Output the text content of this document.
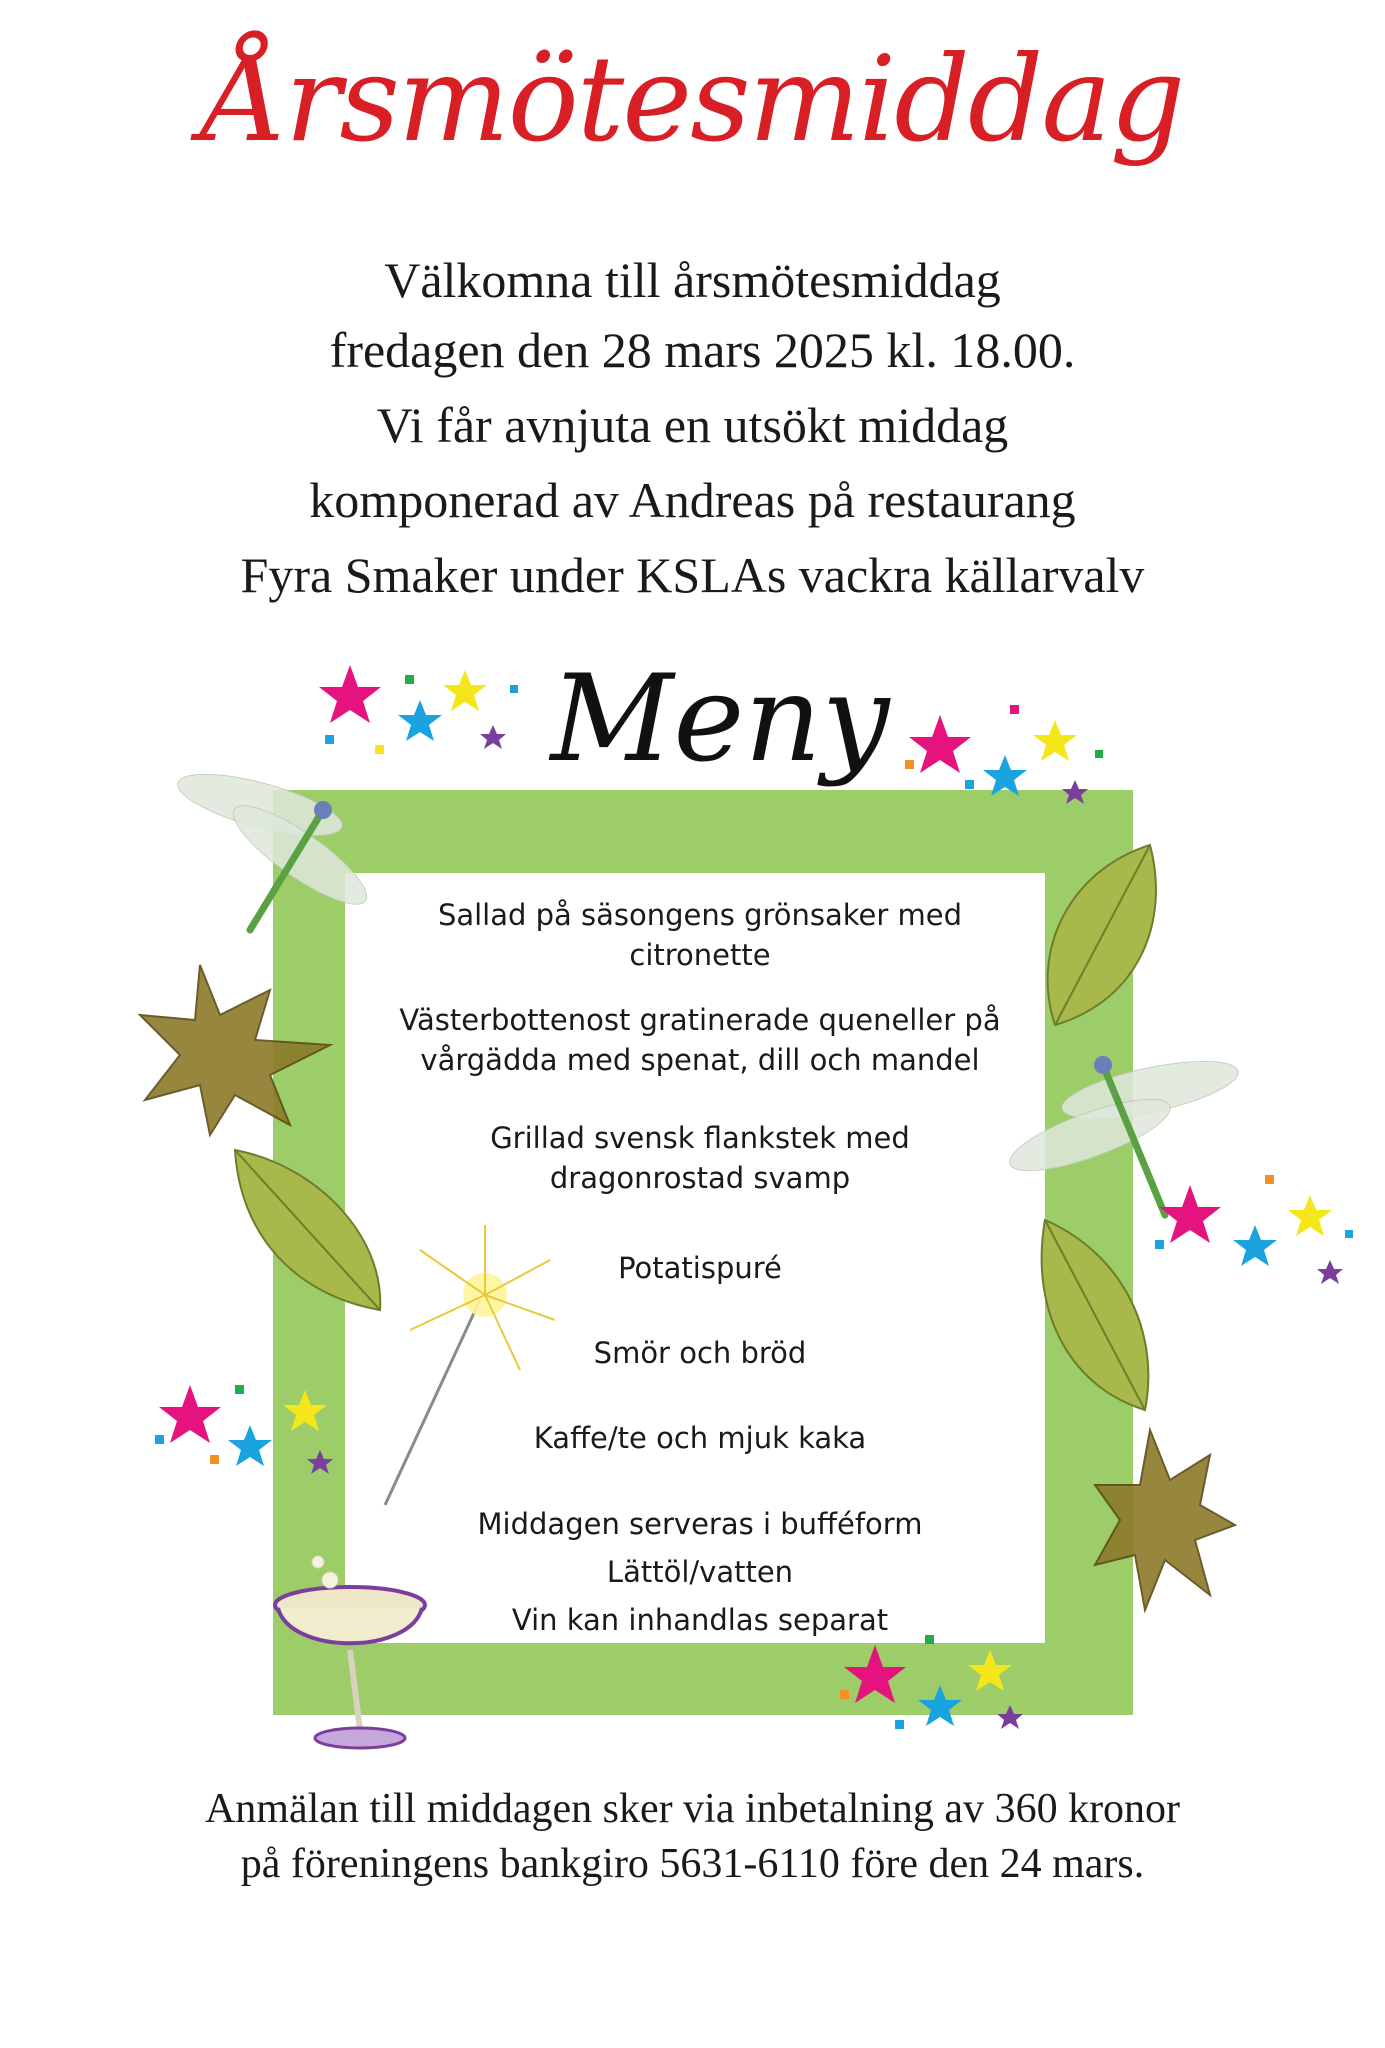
Årsmötesmiddag
Välkomna till årsmötesmiddag
fredagen den 28 mars 2025 kl. 18.00.
Vi får avnjuta en utsökt middag
komponerad av Andreas på restaurang
Fyra Smaker under KSLAs vackra källarvalv
Meny
Sallad på säsongens grönsaker med
citronette
Västerbottenost gratinerade queneller på
vårgädda med spenat, dill och mandel
Grillad svensk flankstek med
dragonrostad svamp
Potatispuré
Smör och bröd
Kaffe/te och mjuk kaka
Middagen serveras i bufféform
Lättöl/vatten
Vin kan inhandlas separat
Anmälan till middagen sker via inbetalning av 360 kronor
på föreningens bankgiro 5631-6110 före den 24 mars.
